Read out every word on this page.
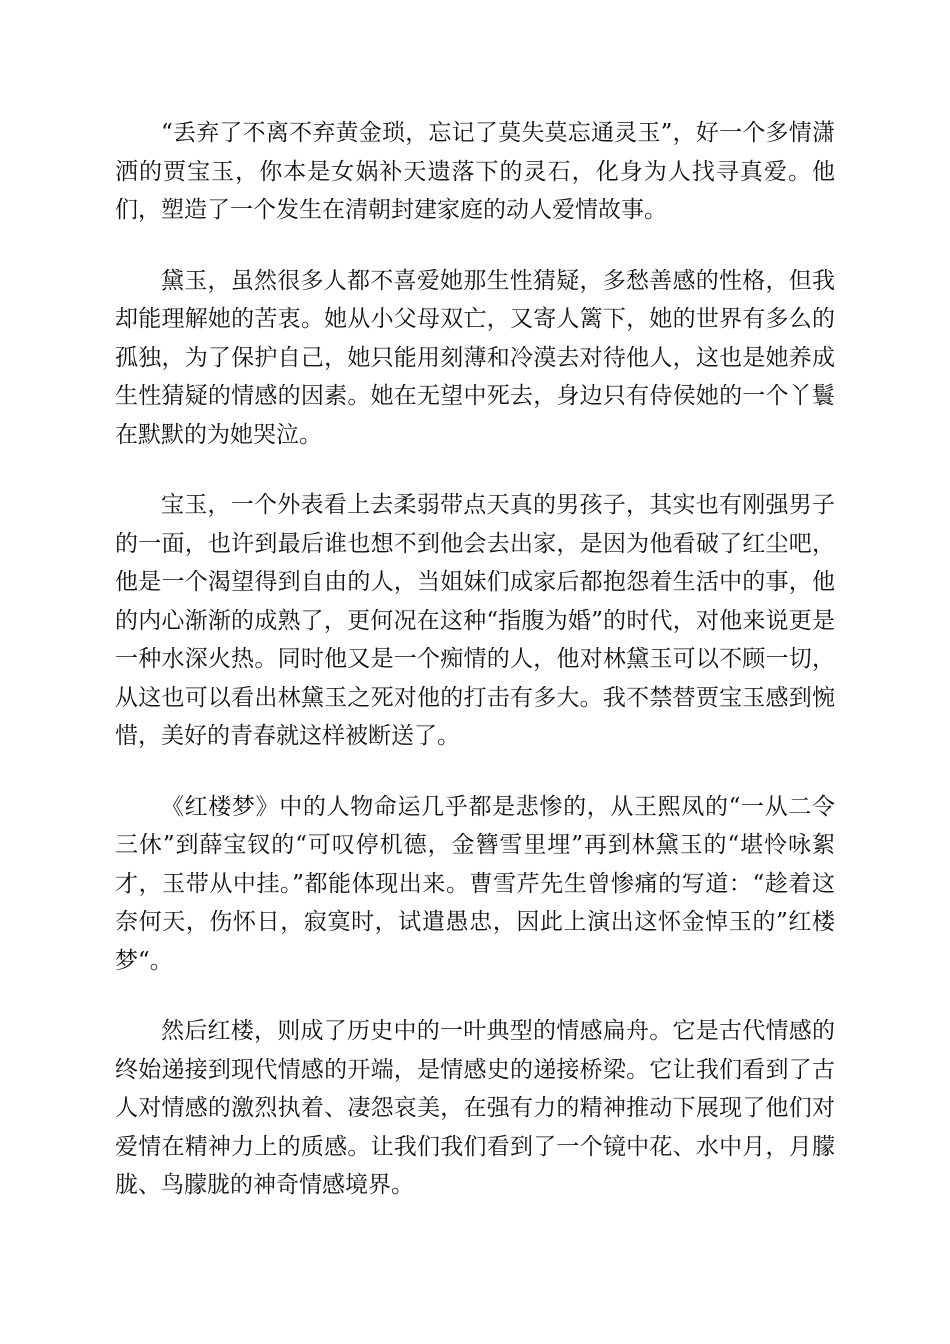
“丢弃了不离不弃黄金琐，忘记了莫失莫忘通灵玉”，好一个多情潇洒的贾宝玉，你本是女娲补天遗落下的灵石，化身为人找寻真爱。他们，塑造了一个发生在清朝封建家庭的动人爱情故事。

黛玉，虽然很多人都不喜爱她那生性猜疑，多愁善感的性格，但我却能理解她的苦衷。她从小父母双亡，又寄人篱下，她的世界有多么的孤独，为了保护自己，她只能用刻薄和冷漠去对待他人，这也是她养成生性猜疑的情感的因素。她在无望中死去，身边只有侍侯她的一个丫鬟在默默的为她哭泣。

宝玉，一个外表看上去柔弱带点天真的男孩子，其实也有刚强男子的一面，也许到最后谁也想不到他会去出家，是因为他看破了红尘吧，他是一个渴望得到自由的人，当姐妹们成家后都抱怨着生活中的事，他的内心渐渐的成熟了，更何况在这种“指腹为婚”的时代，对他来说更是一种水深火热。同时他又是一个痴情的人，他对林黛玉可以不顾一切，从这也可以看出林黛玉之死对他的打击有多大。我不禁替贾宝玉感到惋惜，美好的青春就这样被断送了。

《红楼梦》中的人物命运几乎都是悲惨的，从王熙凤的“一从二令三休”到薛宝钗的“可叹停机德，金簪雪里埋”再到林黛玉的“堪怜咏絮才，玉带从中挂。”都能体现出来。曹雪芹先生曾惨痛的写道：“趁着这奈何天，伤怀日，寂寞时，试遣愚忠，因此上演出这怀金悼玉的”红楼梦“。

然后红楼，则成了历史中的一叶典型的情感扁舟。它是古代情感的终始递接到现代情感的开端，是情感史的递接桥梁。它让我们看到了古人对情感的激烈执着、凄怨哀美，在强有力的精神推动下展现了他们对爱情在精神力上的质感。让我们我们看到了一个镜中花、水中月，月朦胧、鸟朦胧的神奇情感境界。
